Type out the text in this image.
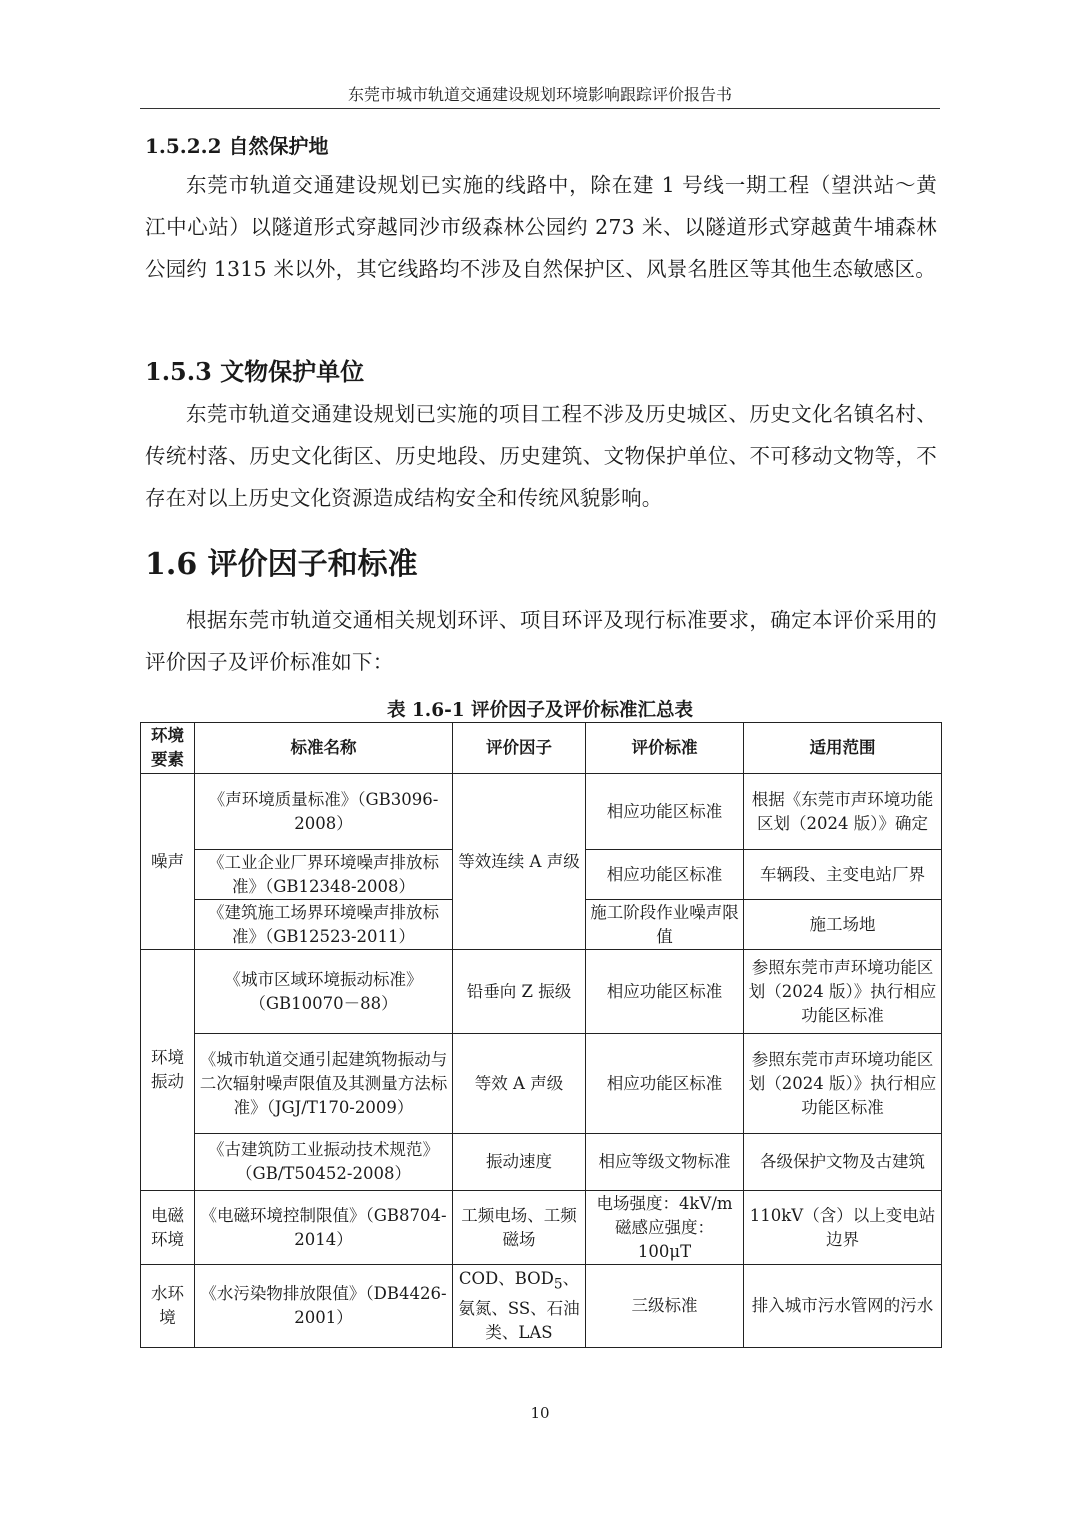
东莞市城市轨道交通建设规划环境影响跟踪评价报告书
1.5.2.2 自然保护地

东莞市轨道交通建设规划已实施的线路中，除在建 1 号线一期工程（望洪站～黄江中心站）以隧道形式穿越同沙市级森林公园约 273 米、以隧道形式穿越黄牛埔森林公园约 1315 米以外，其它线路均不涉及自然保护区、风景名胜区等其他生态敏感区。

1.5.3 文物保护单位

东莞市轨道交通建设规划已实施的项目工程不涉及历史城区、历史文化名镇名村、传统村落、历史文化街区、历史地段、历史建筑、文物保护单位、不可移动文物等，不存在对以上历史文化资源造成结构安全和传统风貌影响。

1.6 评价因子和标准

根据东莞市轨道交通相关规划环评、项目环评及现行标准要求，确定本评价采用的评价因子及评价标准如下：

表 1.6-1 评价因子及评价标准汇总表
环境要素	标准名称	评价因子	评价标准	适用范围
噪声	《声环境质量标准》（GB3096-2008）	等效连续 A 声级	相应功能区标准	根据《东莞市声环境功能区划（2024 版）》确定
	《工业企业厂界环境噪声排放标准》（GB12348-2008）		相应功能区标准	车辆段、主变电站厂界
	《建筑施工场界环境噪声排放标准》（GB12523-2011）		施工阶段作业噪声限值	施工场地
环境振动	《城市区域环境振动标准》（GB10070－88）	铅垂向 Z 振级	相应功能区标准	参照东莞市声环境功能区划（2024 版）》执行相应功能区标准
	《城市轨道交通引起建筑物振动与二次辐射噪声限值及其测量方法标准》（JGJ/T170-2009）	等效 A 声级	相应功能区标准	参照东莞市声环境功能区划（2024 版）》执行相应功能区标准
	《古建筑防工业振动技术规范》（GB/T50452-2008）	振动速度	相应等级文物标准	各级保护文物及古建筑
电磁环境	《电磁环境控制限值》（GB8704-2014）	工频电场、工频磁场	电场强度：4kV/m 磁感应强度：100μT	110kV（含）以上变电站边界
水环境	《水污染物排放限值》（DB4426-2001）	COD、$BOD_5$、氨氮、SS、石油类、LAS	三级标准	排入城市污水管网的污水
10
